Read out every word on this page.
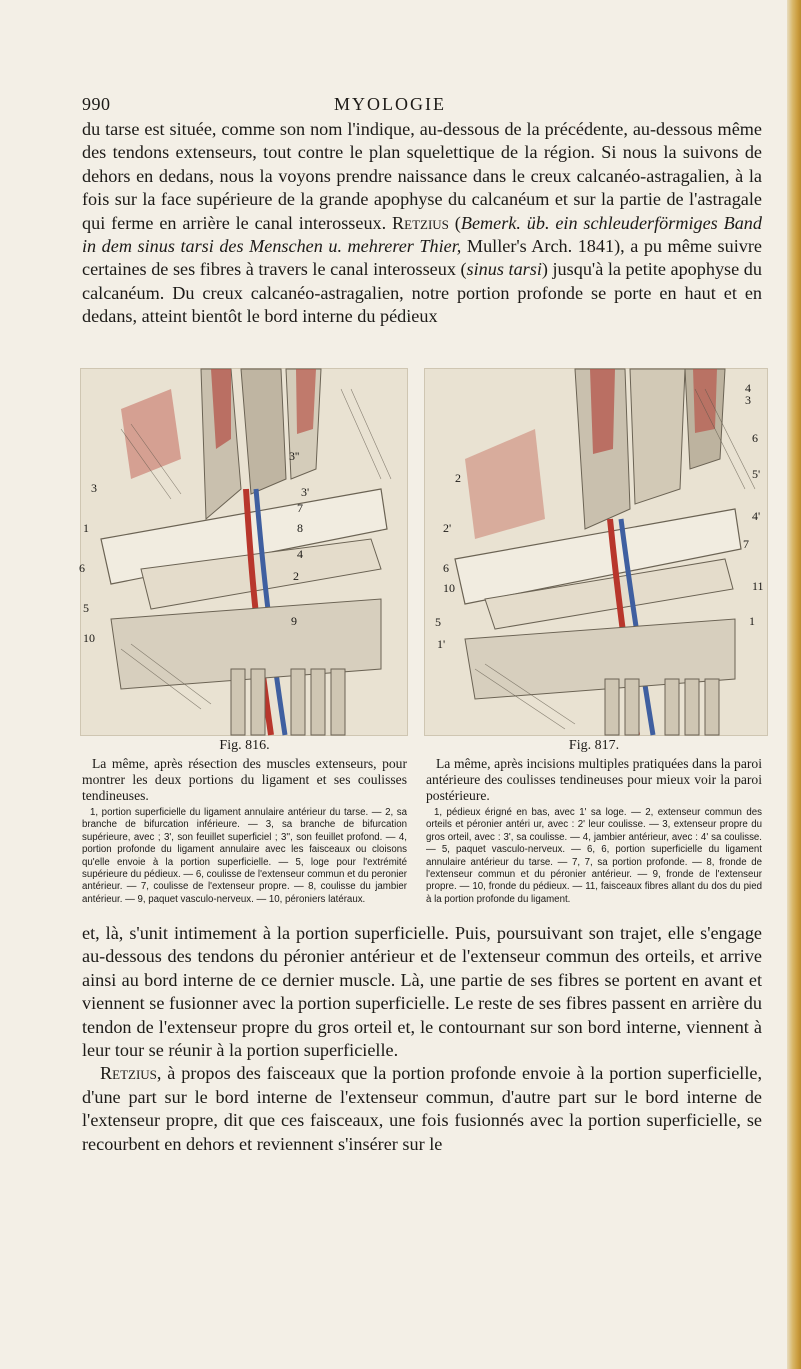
990	MYOLOGIE

du tarse est située, comme son nom l'indique, au-dessous de la précédente, au-dessous même des tendons extenseurs, tout contre le plan squelettique de la région. Si nous la suivons de dehors en dedans, nous la voyons prendre naissance dans le creux calcanéo-astragalien, à la fois sur la face supérieure de la grande apophyse du calcanéum et sur la partie de l'astragale qui ferme en arrière le canal interosseux. Retzius (Bemerk. üb. ein schleuderförmiges Band in dem sinus tarsi des Menschen u. mehrerer Thier, Muller's Arch. 1841), a pu même suivre certaines de ses fibres à travers le canal interosseux (sinus tarsi) jusqu'à la petite apophyse du calcanéum. Du creux calcanéo-astragalien, notre portion profonde se porte en haut et en dedans, atteint bientôt le bord interne du pédieux

3''
3'
3
7
8
1
4
6
2
5
9
10
4
2
3
6
5'
4'
2'
7
6
11
10
5	1
1'
Fig. 816.
La même, après résection des muscles extenseurs, pour montrer les deux portions du ligament et ses coulisses tendineuses.
1, portion superficielle du ligament annulaire antérieur du tarse. — 2, sa branche de bifurcation inférieure. — 3, sa branche de bifurcation supérieure, avec ; 3', son feuillet superficiel ; 3'', son feuillet profond. — 4, portion profonde du ligament annulaire avec les faisceaux ou cloisons qu'elle envoie à la portion superficielle. — 5, loge pour l'extrémité supérieure du pédieux. — 6, coulisse de l'extenseur commun et du peronier antérieur. — 7, coulisse de l'extenseur propre. — 8, coulisse du jambier antérieur. — 9, paquet vasculo-nerveux. — 10, péroniers latéraux.
Fig. 817.
La même, après incisions multiples pratiquées dans la paroi antérieure des coulisses tendineuses pour mieux voir la paroi postérieure.
1, pédieux érigné en bas, avec 1' sa loge. — 2, extenseur commun des orteils et péronier antéri ur, avec : 2' leur coulisse. — 3, extenseur propre du gros orteil, avec : 3', sa coulisse. — 4, jambier antérieur, avec : 4' sa coulisse. — 5, paquet vasculo-nerveux. — 6, 6, portion superficielle du ligament annulaire antérieur du tarse. — 7, 7, sa portion profonde. — 8, fronde de l'extenseur commun et du péronier antérieur. — 9, fronde de l'extenseur propre. — 10, fronde du pédieux. — 11, faisceaux fibres allant du dos du pied à la portion profonde du ligament.

et, là, s'unit intimement à la portion superficielle. Puis, poursuivant son trajet, elle s'engage au-dessous des tendons du péronier antérieur et de l'extenseur commun des orteils, et arrive ainsi au bord interne de ce dernier muscle. Là, une partie de ses fibres se portent en avant et viennent se fusionner avec la portion superficielle. Le reste de ses fibres passent en arrière du tendon de l'extenseur propre du gros orteil et, le contournant sur son bord interne, viennent à leur tour se réunir à la portion superficielle.

Retzius, à propos des faisceaux que la portion profonde envoie à la portion superficielle, d'une part sur le bord interne de l'extenseur commun, d'autre part sur le bord interne de l'extenseur propre, dit que ces faisceaux, une fois fusionnés avec la portion superficielle, se recourbent en dehors et reviennent s'insérer sur le
